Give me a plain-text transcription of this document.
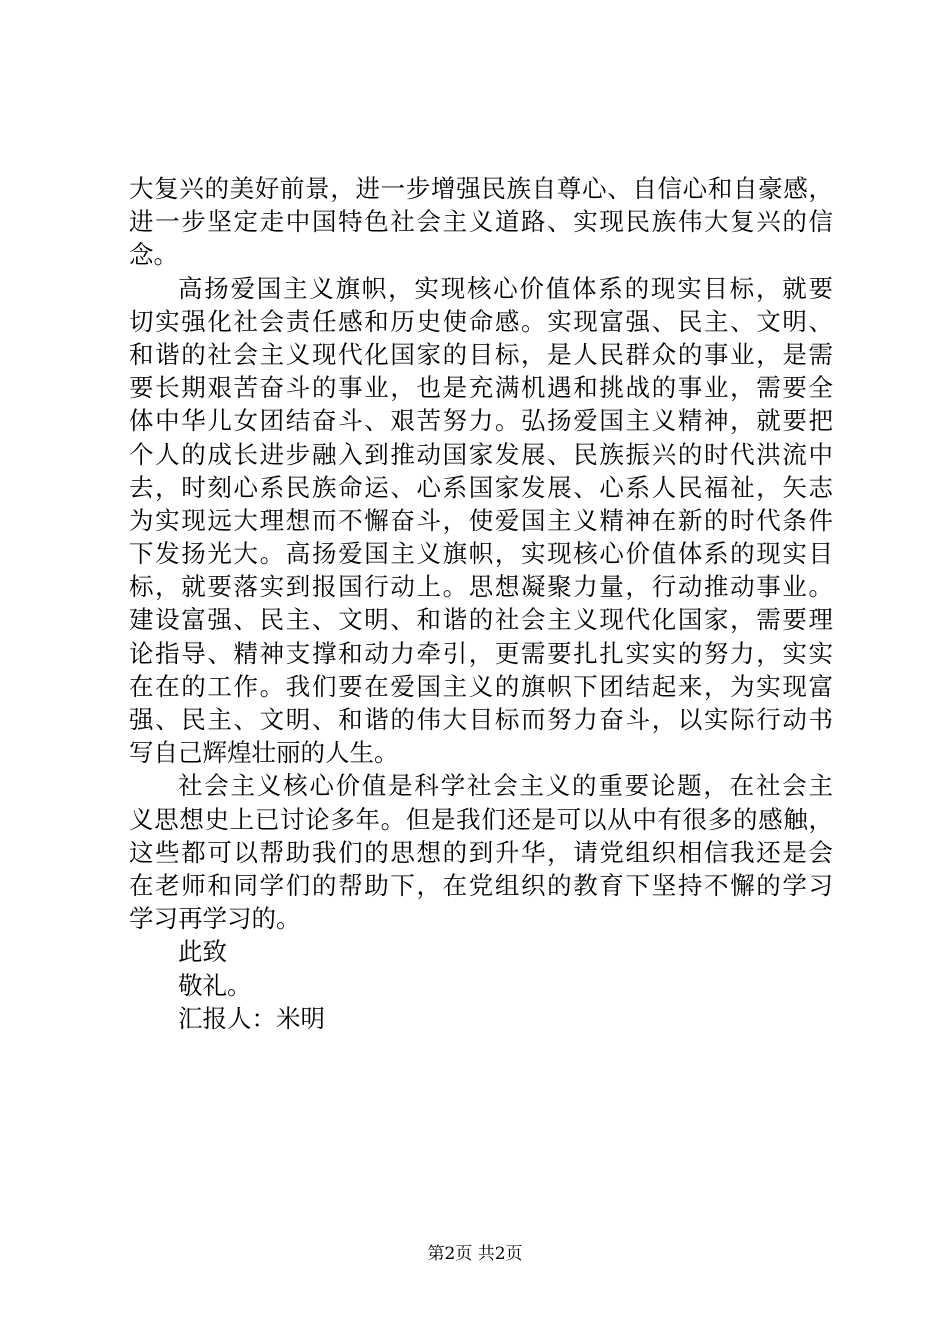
大复兴的美好前景，进一步增强民族自尊心、自信心和自豪感，
进一步坚定走中国特色社会主义道路、实现民族伟大复兴的信
念。
高扬爱国主义旗帜，实现核心价值体系的现实目标，就要
切实强化社会责任感和历史使命感。实现富强、民主、文明、
和谐的社会主义现代化国家的目标，是人民群众的事业，是需
要长期艰苦奋斗的事业，也是充满机遇和挑战的事业，需要全
体中华儿女团结奋斗、艰苦努力。弘扬爱国主义精神，就要把
个人的成长进步融入到推动国家发展、民族振兴的时代洪流中
去，时刻心系民族命运、心系国家发展、心系人民福祉，矢志
为实现远大理想而不懈奋斗，使爱国主义精神在新的时代条件
下发扬光大。高扬爱国主义旗帜，实现核心价值体系的现实目
标，就要落实到报国行动上。思想凝聚力量，行动推动事业。
建设富强、民主、文明、和谐的社会主义现代化国家，需要理
论指导、精神支撑和动力牵引，更需要扎扎实实的努力，实实
在在的工作。我们要在爱国主义的旗帜下团结起来，为实现富
强、民主、文明、和谐的伟大目标而努力奋斗，以实际行动书
写自己辉煌壮丽的人生。
社会主义核心价值是科学社会主义的重要论题，在社会主
义思想史上已讨论多年。但是我们还是可以从中有很多的感触，
这些都可以帮助我们的思想的到升华，请党组织相信我还是会
在老师和同学们的帮助下，在党组织的教育下坚持不懈的学习
学习再学习的。
此致
敬礼。
汇报人：米明
第2页 共2页
